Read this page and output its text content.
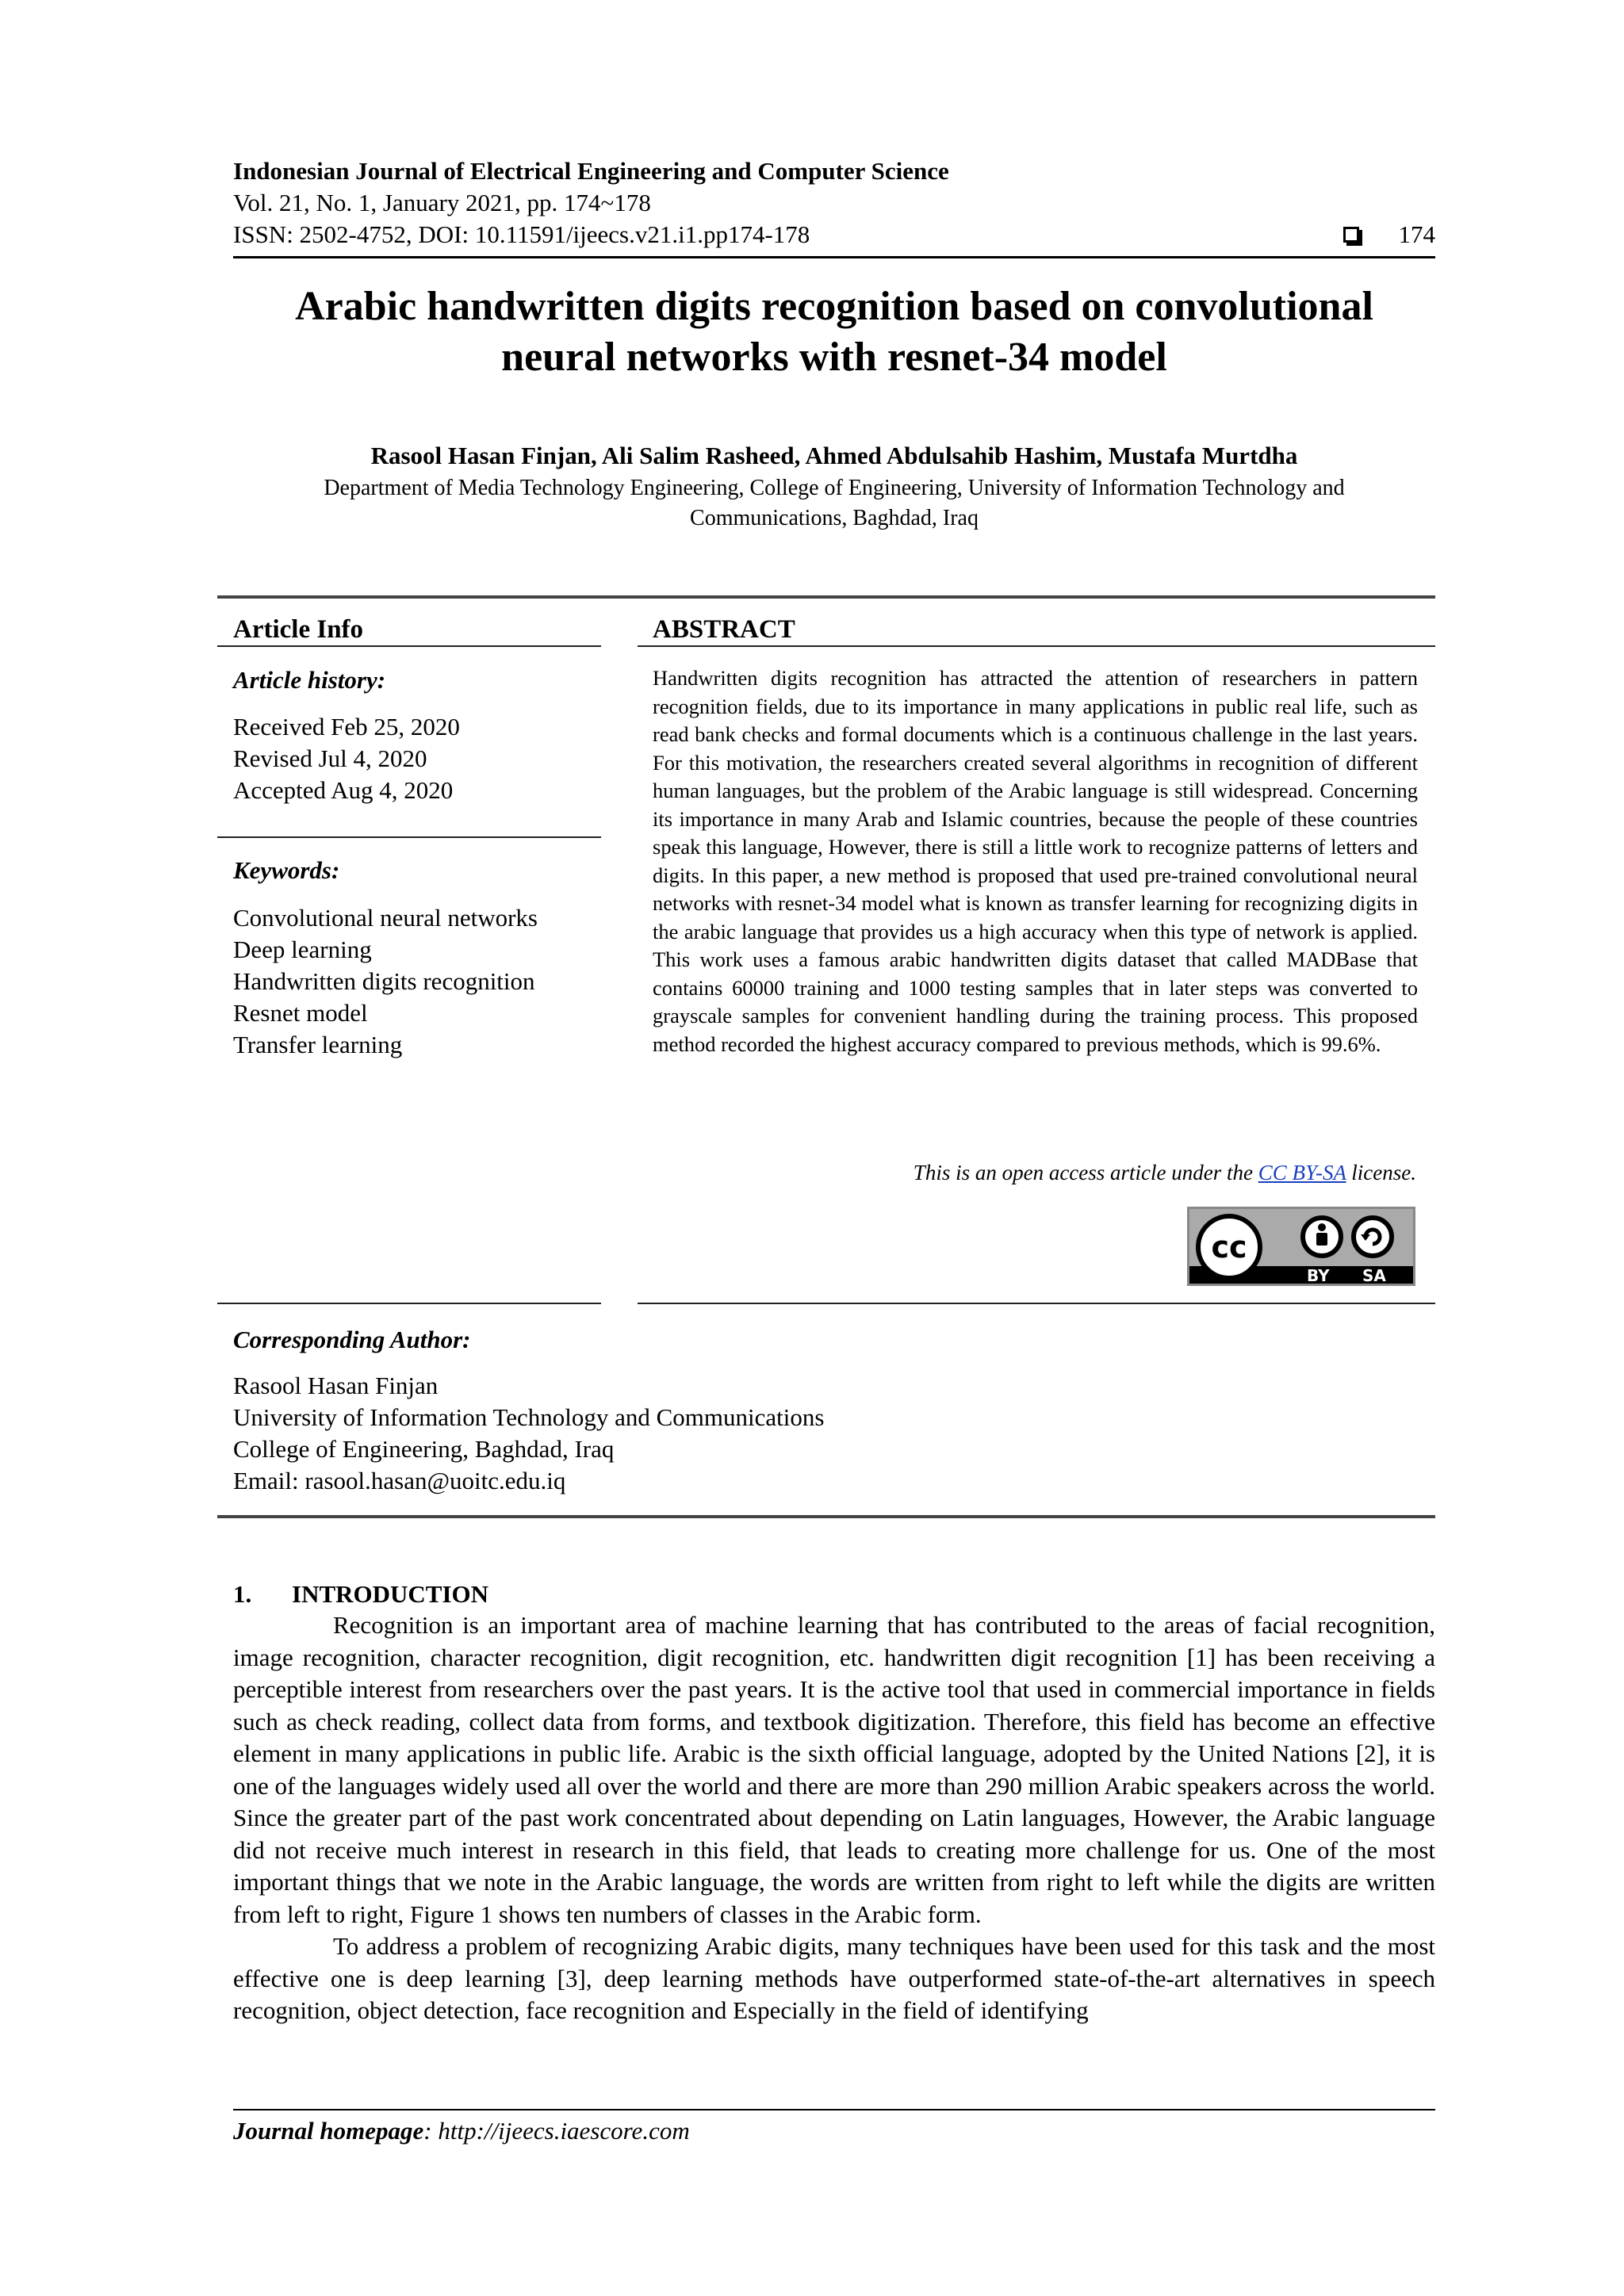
Indonesian Journal of Electrical Engineering and Computer Science
Vol. 21, No. 1, January 2021, pp. 174~178
ISSN: 2502-4752, DOI: 10.11591/ijeecs.v21.i1.pp174-178	174
Arabic handwritten digits recognition based on convolutional
neural networks with resnet-34 model
Rasool Hasan Finjan, Ali Salim Rasheed, Ahmed Abdulsahib Hashim, Mustafa Murtdha
Department of Media Technology Engineering, College of Engineering, University of Information Technology and
Communications, Baghdad, Iraq
Article Info	ABSTRACT
Article history:
Received Feb 25, 2020
Revised Jul 4, 2020
Accepted Aug 4, 2020
Keywords:
Convolutional neural networks
Deep learning
Handwritten digits recognition
Resnet model
Transfer learning
Handwritten digits recognition has attracted the attention of researchers in pattern recognition fields, due to its importance in many applications in public real life, such as read bank checks and formal documents which is a continuous challenge in the last years. For this motivation, the researchers created several algorithms in recognition of different human languages, but the problem of the Arabic language is still widespread. Concerning its importance in many Arab and Islamic countries, because the people of these countries speak this language, However, there is still a little work to recognize patterns of letters and digits. In this paper, a new method is proposed that used pre-trained convolutional neural networks with resnet-34 model what is known as transfer learning for recognizing digits in the arabic language that provides us a high accuracy when this type of network is applied. This work uses a famous arabic handwritten digits dataset that called MADBase that contains 60000 training and 1000 testing samples that in later steps was converted to grayscale samples for convenient handling during the training process. This proposed method recorded the highest accuracy compared to previous methods, which is 99.6%.
This is an open access article under the CC BY-SA license.
cc
BY SA
Corresponding Author:
Rasool Hasan Finjan
University of Information Technology and Communications
College of Engineering, Baghdad, Iraq
Email: rasool.hasan@uoitc.edu.iq
1. INTRODUCTION

Recognition is an important area of machine learning that has contributed to the areas of facial recognition, image recognition, character recognition, digit recognition, etc. handwritten digit recognition [1] has been receiving a perceptible interest from researchers over the past years. It is the active tool that used in commercial importance in fields such as check reading, collect data from forms, and textbook digitization. Therefore, this field has become an effective element in many applications in public life. Arabic is the sixth official language, adopted by the United Nations [2], it is one of the languages widely used all over the world and there are more than 290 million Arabic speakers across the world. Since the greater part of the past work concentrated about depending on Latin languages, However, the Arabic language did not receive much interest in research in this field, that leads to creating more challenge for us. One of the most important things that we note in the Arabic language, the words are written from right to left while the digits are written from left to right, Figure 1 shows ten numbers of classes in the Arabic form.

To address a problem of recognizing Arabic digits, many techniques have been used for this task and the most effective one is deep learning [3], deep learning methods have outperformed state-of-the-art alternatives in speech recognition, object detection, face recognition and Especially in the field of identifying

Journal homepage: http://ijeecs.iaescore.com
